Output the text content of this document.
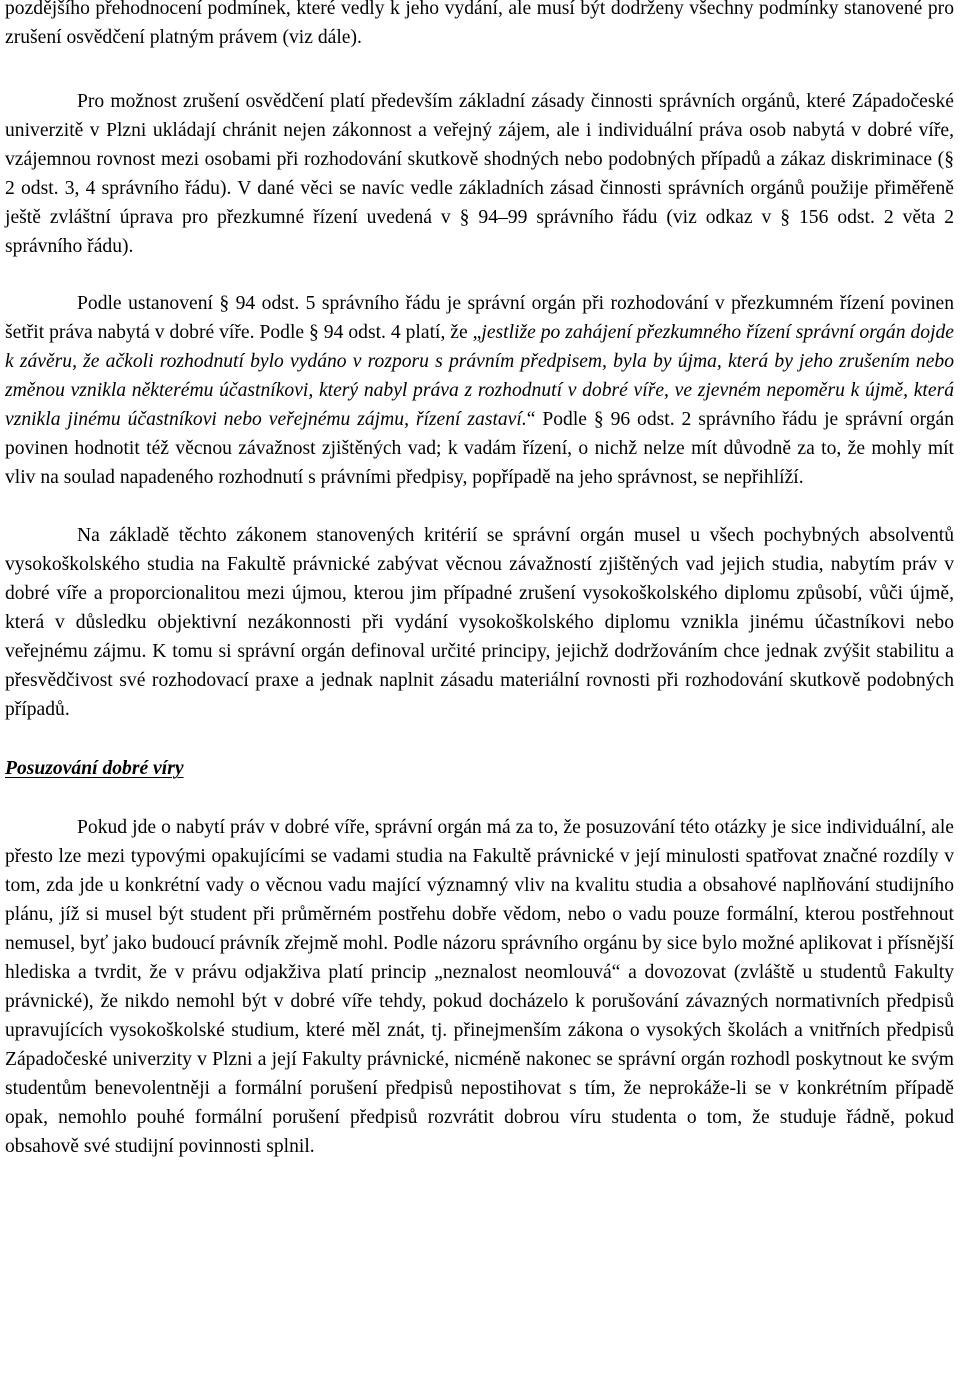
pozdějšího přehodnocení podmínek, které vedly k jeho vydání, ale musí být dodrženy všechny podmínky stanovené pro zrušení osvědčení platným právem (viz dále).

Pro možnost zrušení osvědčení platí především základní zásady činnosti správních orgánů, které Západočeské univerzitě v Plzni ukládají chránit nejen zákonnost a veřejný zájem, ale i individuální práva osob nabytá v dobré víře, vzájemnou rovnost mezi osobami při rozhodování skutkově shodných nebo podobných případů a zákaz diskriminace (§ 2 odst. 3, 4 správního řádu). V dané věci se navíc vedle základních zásad činnosti správních orgánů použije přiměřeně ještě zvláštní úprava pro přezkumné řízení uvedená v § 94–99 správního řádu (viz odkaz v § 156 odst. 2 věta 2 správního řádu).

Podle ustanovení § 94 odst. 5 správního řádu je správní orgán při rozhodování v přezkumném řízení povinen šetřit práva nabytá v dobré víře. Podle § 94 odst. 4 platí, že „jestliže po zahájení přezkumného řízení správní orgán dojde k závěru, že ačkoli rozhodnutí bylo vydáno v rozporu s právním předpisem, byla by újma, která by jeho zrušením nebo změnou vznikla některému účastníkovi, který nabyl práva z rozhodnutí v dobré víře, ve zjevném nepoměru k újmě, která vznikla jinému účastníkovi nebo veřejnému zájmu, řízení zastaví.“ Podle § 96 odst. 2 správního řádu je správní orgán povinen hodnotit též věcnou závažnost zjištěných vad; k vadám řízení, o nichž nelze mít důvodně za to, že mohly mít vliv na soulad napadeného rozhodnutí s právními předpisy, popřípadě na jeho správnost, se nepřihlíží.

Na základě těchto zákonem stanovených kritérií se správní orgán musel u všech pochybných absolventů vysokoškolského studia na Fakultě právnické zabývat věcnou závažností zjištěných vad jejich studia, nabytím práv v dobré víře a proporcionalitou mezi újmou, kterou jim případné zrušení vysokoškolského diplomu způsobí, vůči újmě, která v důsledku objektivní nezákonnosti při vydání vysokoškolského diplomu vznikla jinému účastníkovi nebo veřejnému zájmu. K tomu si správní orgán definoval určité principy, jejichž dodržováním chce jednak zvýšit stabilitu a přesvědčivost své rozhodovací praxe a jednak naplnit zásadu materiální rovnosti při rozhodování skutkově podobných případů.

Posuzování dobré víry

Pokud jde o nabytí práv v dobré víře, správní orgán má za to, že posuzování této otázky je sice individuální, ale přesto lze mezi typovými opakujícími se vadami studia na Fakultě právnické v její minulosti spatřovat značné rozdíly v tom, zda jde u konkrétní vady o věcnou vadu mající významný vliv na kvalitu studia a obsahové naplňování studijního plánu, jíž si musel být student při průměrném postřehu dobře vědom, nebo o vadu pouze formální, kterou postřehnout nemusel, byť jako budoucí právník zřejmě mohl. Podle názoru správního orgánu by sice bylo možné aplikovat i přísnější hlediska a tvrdit, že v právu odjakživa platí princip „neznalost neomlouvá“ a dovozovat (zvláště u studentů Fakulty právnické), že nikdo nemohl být v dobré víře tehdy, pokud docházelo k porušování závazných normativních předpisů upravujících vysokoškolské studium, které měl znát, tj. přinejmenším zákona o vysokých školách a vnitřních předpisů Západočeské univerzity v Plzni a její Fakulty právnické, nicméně nakonec se správní orgán rozhodl poskytnout ke svým studentům benevolentněji a formální porušení předpisů nepostihovat s tím, že neprokáže-li se v konkrétním případě opak, nemohlo pouhé formální porušení předpisů rozvrátit dobrou víru studenta o tom, že studuje řádně, pokud obsahově své studijní povinnosti splnil.
